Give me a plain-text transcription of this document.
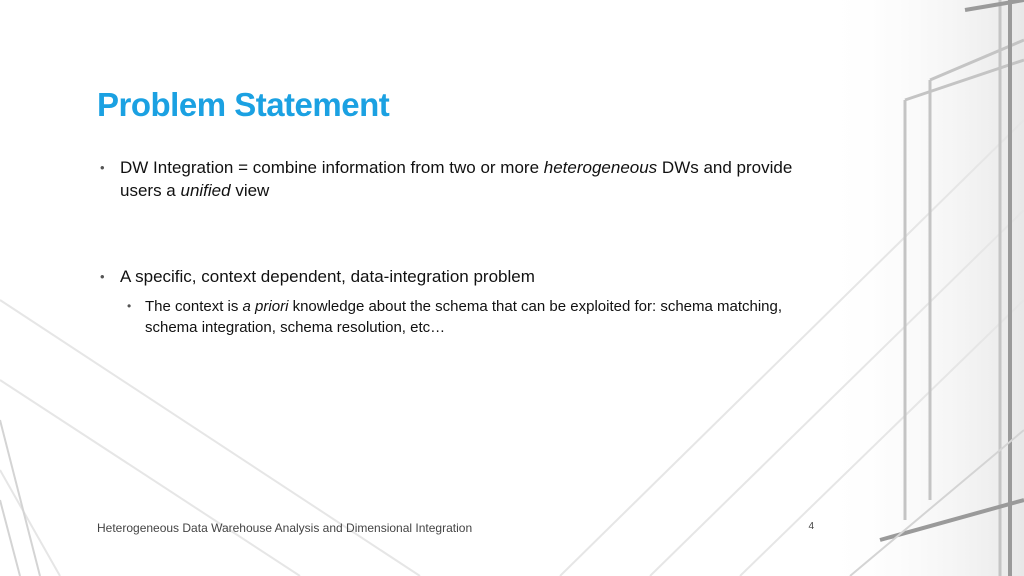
Problem Statement
• DW Integration = combine information from two or more heterogeneous DWs and provide users a unified view
• A specific, context dependent, data-integration problem
• The context is a priori knowledge about the schema that can be exploited for: schema matching, schema integration, schema resolution, etc…
Heterogeneous Data Warehouse Analysis and Dimensional Integration	4
